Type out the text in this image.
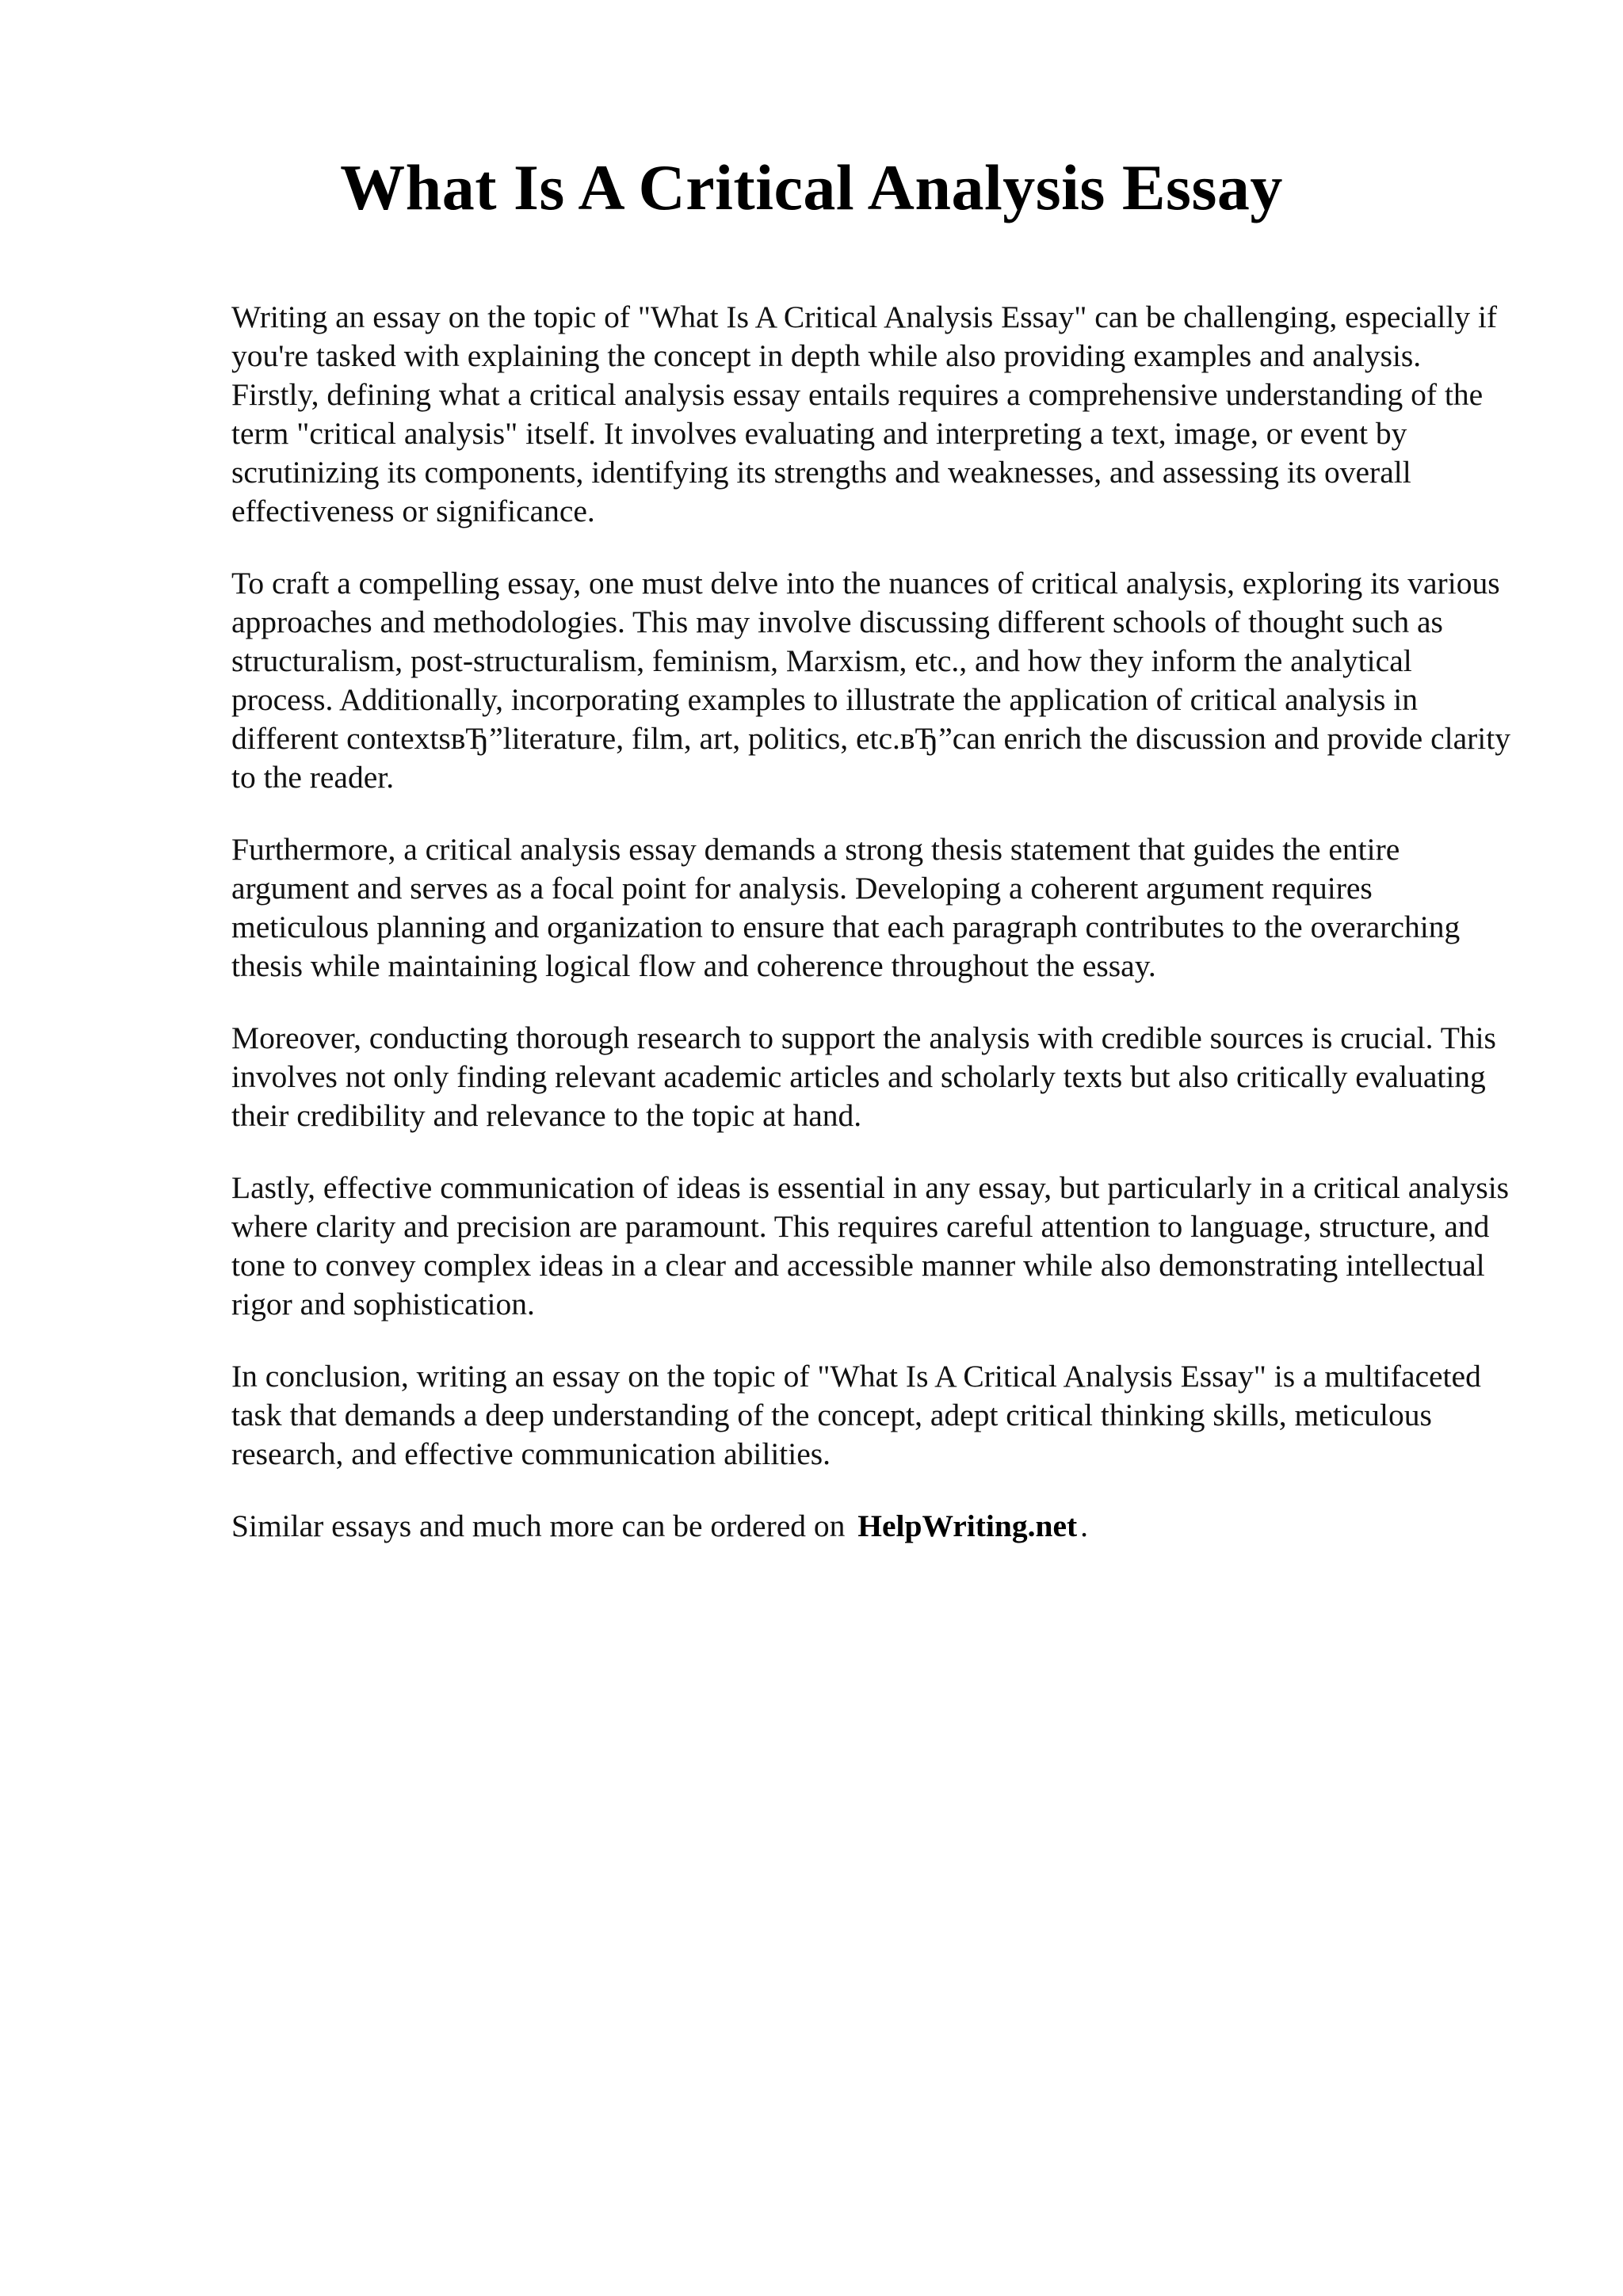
What Is A Critical Analysis Essay

Writing an essay on the topic of "What Is A Critical Analysis Essay" can be challenging, especially if you're tasked with explaining the concept in depth while also providing examples and analysis. Firstly, defining what a critical analysis essay entails requires a comprehensive understanding of the term "critical analysis" itself. It involves evaluating and interpreting a text, image, or event by scrutinizing its components, identifying its strengths and weaknesses, and assessing its overall effectiveness or significance.

To craft a compelling essay, one must delve into the nuances of critical analysis, exploring its various approaches and methodologies. This may involve discussing different schools of thought such as structuralism, post-structuralism, feminism, Marxism, etc., and how they inform the analytical process. Additionally, incorporating examples to illustrate the application of critical analysis in different contextsвЂ”literature, film, art, politics, etc.вЂ”can enrich the discussion and provide clarity to the reader.

Furthermore, a critical analysis essay demands a strong thesis statement that guides the entire argument and serves as a focal point for analysis. Developing a coherent argument requires meticulous planning and organization to ensure that each paragraph contributes to the overarching thesis while maintaining logical flow and coherence throughout the essay.

Moreover, conducting thorough research to support the analysis with credible sources is crucial. This involves not only finding relevant academic articles and scholarly texts but also critically evaluating their credibility and relevance to the topic at hand.

Lastly, effective communication of ideas is essential in any essay, but particularly in a critical analysis where clarity and precision are paramount. This requires careful attention to language, structure, and tone to convey complex ideas in a clear and accessible manner while also demonstrating intellectual rigor and sophistication.

In conclusion, writing an essay on the topic of "What Is A Critical Analysis Essay" is a multifaceted task that demands a deep understanding of the concept, adept critical thinking skills, meticulous research, and effective communication abilities.

Similar essays and much more can be ordered on HelpWriting.net .
